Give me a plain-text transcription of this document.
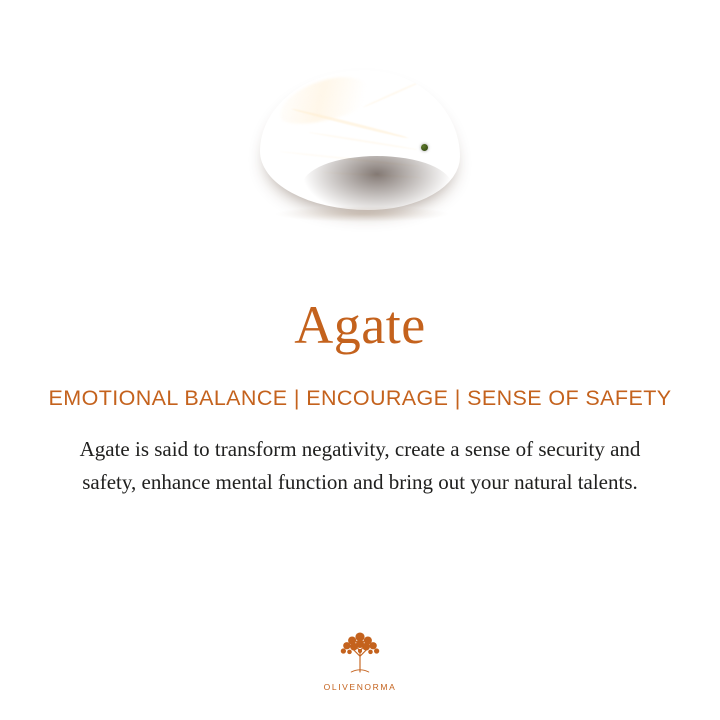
Agate
EMOTIONAL BALANCE | ENCOURAGE | SENSE OF SAFETY

Agate is said to transform negativity, create a sense of security and safety, enhance mental function and bring out your natural talents.

OLIVENORMA
